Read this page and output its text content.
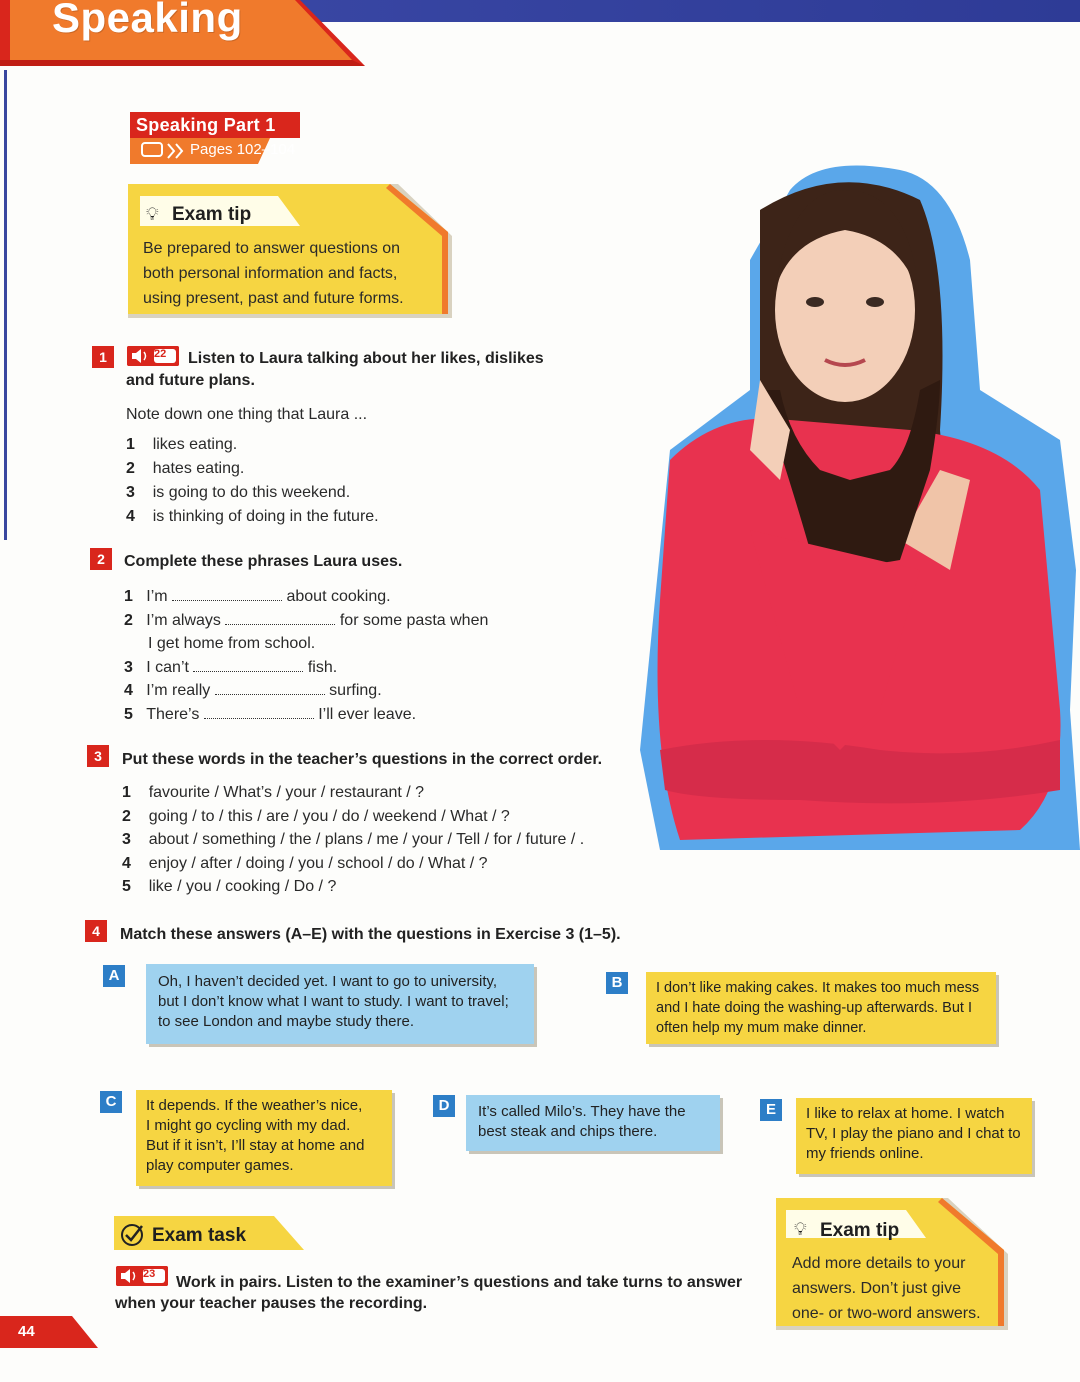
Speaking
Speaking Part 1
Pages 102–104
💡︎ Exam tip
Be prepared to answer questions on
both personal information and facts,
using present, past and future forms.
1	22 Listen to Laura talking about her likes, dislikes
and future plans.
Note down one thing that Laura ...
1 likes eating.
2 hates eating.
3 is going to do this weekend.
4 is thinking of doing in the future.
2	Complete these phrases Laura uses.
1 I’m	about cooking.
2 I’m always	for some pasta when
I get home from school.
3 I can’t	fish.
4 I’m really	surfing.
5 There’s	I’ll ever leave.
3	Put these words in the teacher’s questions in the correct order.
1 favourite / What’s / your / restaurant / ?
2 going / to / this / are / you / do / weekend / What / ?
3 about / something / the / plans / me / your / Tell / for / future / .
4 enjoy / after / doing / you / school / do / What / ?
5 like / you / cooking / Do / ?
4	Match these answers (A–E) with the questions in Exercise 3 (1–5).
A	Oh, I haven’t decided yet. I want to go to university,
but I don’t know what I want to study. I want to travel;
to see London and maybe study there.
B	I don’t like making cakes. It makes too much mess
and I hate doing the washing-up afterwards. But I
often help my mum make dinner.
C	It depends. If the weather’s nice,
I might go cycling with my dad.
But if it isn’t, I’ll stay at home and
play computer games.
D	It’s called Milo’s. They have the
best steak and chips there.
E	I like to relax at home. I watch
TV, I play the piano and I chat to
my friends online.
Exam task
23 Work in pairs. Listen to the examiner’s questions and take turns to answer
when your teacher pauses the recording.
💡︎ Exam tip
Add more details to your
answers. Don’t just give
one- or two-word answers.
44
